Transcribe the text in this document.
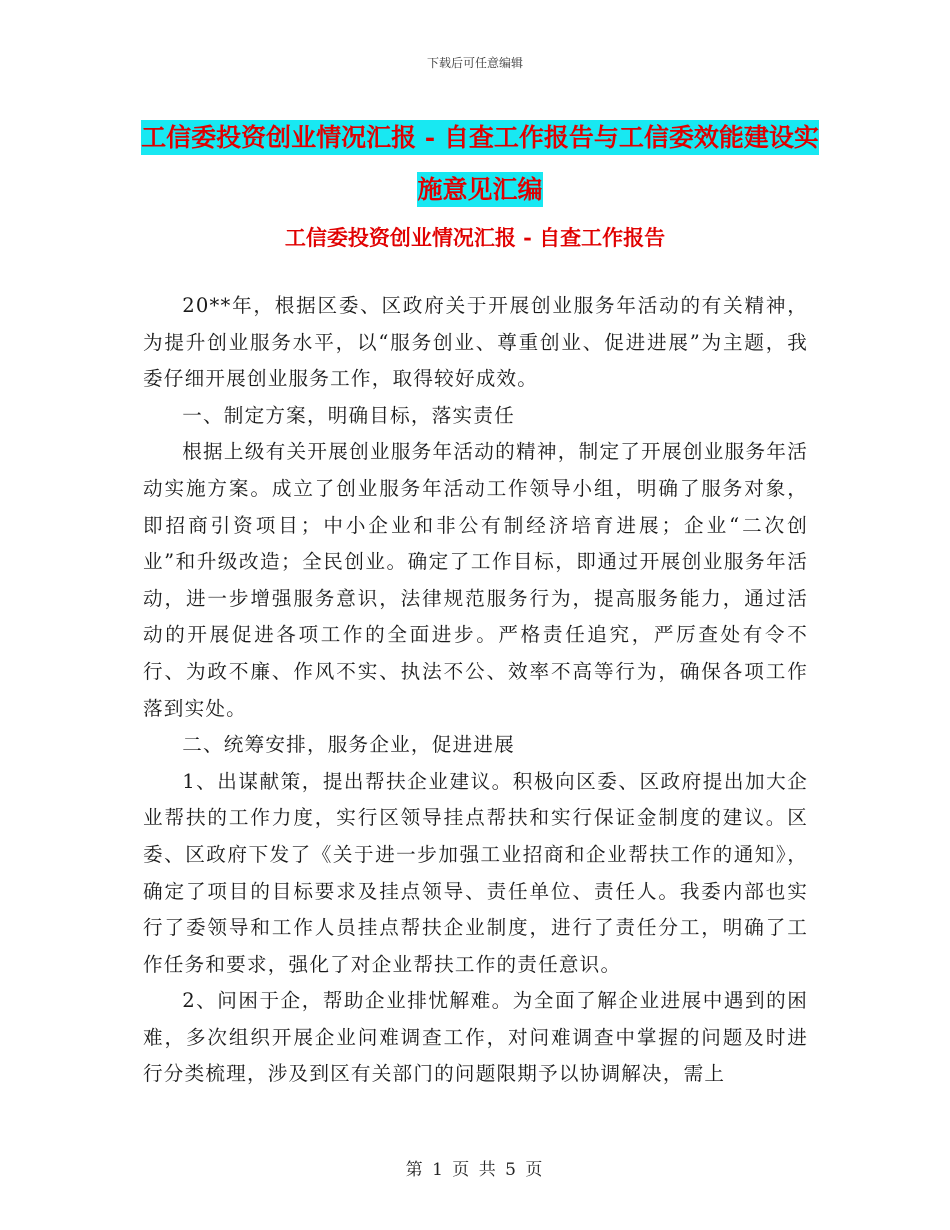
下载后可任意编辑
工信委投资创业情况汇报 - 自查工作报告与工信委效能建设实施意见汇编
工信委投资创业情况汇报 - 自查工作报告

20**年，根据区委、区政府关于开展创业服务年活动的有关精神，为提升创业服务水平，以“服务创业、尊重创业、促进进展”为主题，我委仔细开展创业服务工作，取得较好成效。

一、制定方案，明确目标，落实责任

根据上级有关开展创业服务年活动的精神，制定了开展创业服务年活动实施方案。成立了创业服务年活动工作领导小组，明确了服务对象，即招商引资项目；中小企业和非公有制经济培育进展；企业“二次创业”和升级改造；全民创业。确定了工作目标，即通过开展创业服务年活动，进一步增强服务意识，法律规范服务行为，提高服务能力，通过活动的开展促进各项工作的全面进步。严格责任追究，严厉查处有令不行、为政不廉、作风不实、执法不公、效率不高等行为，确保各项工作落到实处。

二、统筹安排，服务企业，促进进展

1、出谋献策，提出帮扶企业建议。积极向区委、区政府提出加大企业帮扶的工作力度，实行区领导挂点帮扶和实行保证金制度的建议。区委、区政府下发了《关于进一步加强工业招商和企业帮扶工作的通知》，确定了项目的目标要求及挂点领导、责任单位、责任人。我委内部也实行了委领导和工作人员挂点帮扶企业制度，进行了责任分工，明确了工作任务和要求，强化了对企业帮扶工作的责任意识。

2、问困于企，帮助企业排忧解难。为全面了解企业进展中遇到的困难，多次组织开展企业问难调查工作，对问难调查中掌握的问题及时进行分类梳理，涉及到区有关部门的问题限期予以协调解决，需上

第 1 页 共 5 页
